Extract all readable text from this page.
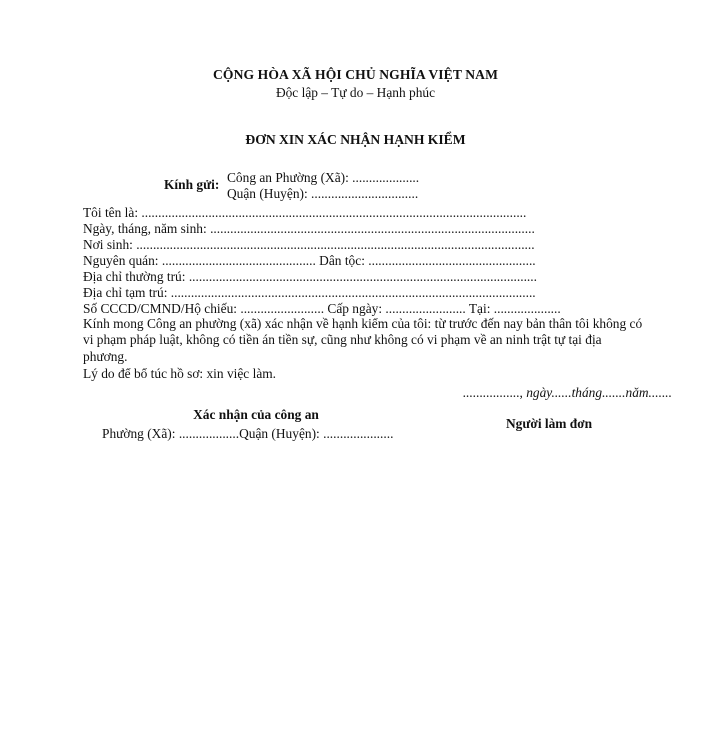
CỘNG HÒA XÃ HỘI CHỦ NGHĨA VIỆT NAM
Độc lập – Tự do – Hạnh phúc
ĐƠN XIN XÁC NHẬN HẠNH KIỂM
Kính gửi: Công an Phường (Xã): ....................
Quận (Huyện): ................................
Tôi tên là: ...................................................................................................................
Ngày, tháng, năm sinh: .................................................................................................
Nơi sinh: .......................................................................................................................
Nguyên quán: .............................................. Dân tộc: ..................................................
Địa chỉ thường trú: ........................................................................................................
Địa chỉ tạm trú: .............................................................................................................
Số CCCD/CMND/Hộ chiếu: ......................... Cấp ngày: ........................ Tại: ....................
Kính mong Công an phường (xã) xác nhận về hạnh kiểm của tôi: từ trước đến nay bản thân tôi không có vi phạm pháp luật, không có tiền án tiền sự, cũng như không có vi phạm về an ninh trật tự tại địa phương.
Lý do để bổ túc hồ sơ: xin việc làm.
................., ngày......tháng.......năm.......
Xác nhận của công an
Phường (Xã): ..................Quận (Huyện): .....................
Người làm đơn
